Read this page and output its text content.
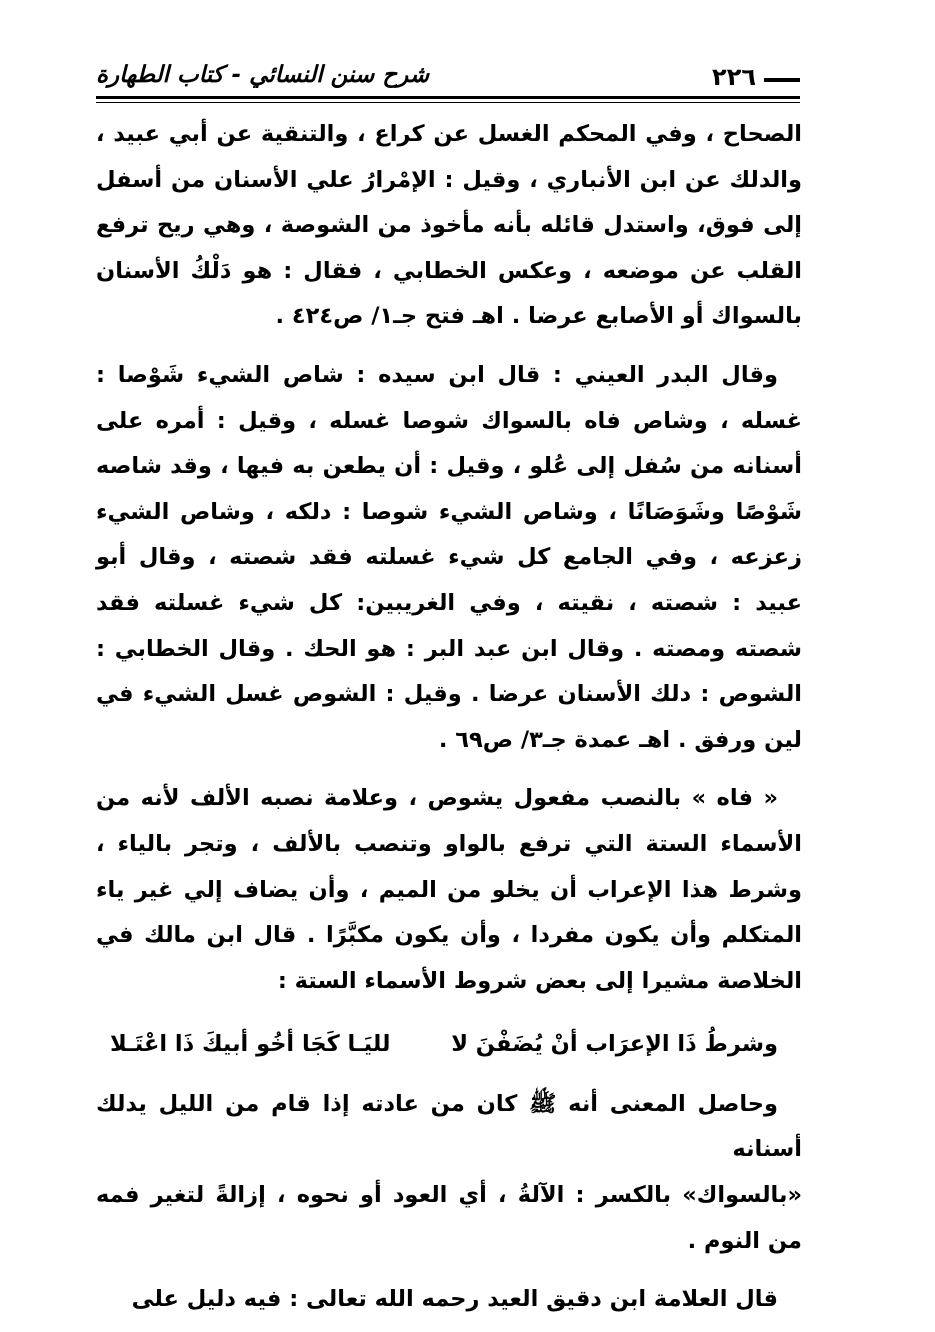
شرح سنن النسائي - كتاب الطهارة	٢٢٦

الصحاح ، وفي المحكم الغسل عن كراع ، والتنقية عن أبي عبيد ، والدلك عن ابن الأنباري ، وقيل : الإمْرارُ علي الأسنان من أسفل إلى فوق، واستدل قائله بأنه مأخوذ من الشوصة ، وهي ريح ترفع القلب عن موضعه ، وعكس الخطابي ، فقال : هو دَلْكُ الأسنان بالسواك أو الأصابع عرضا . اهـ فتح جـ١/ ص٤٢٤ .

وقال البدر العيني : قال ابن سيده : شاص الشيء شَوْصا : غسله ، وشاص فاه بالسواك شوصا غسله ، وقيل : أمره على أسنانه من سُفل إلى عُلو ، وقيل : أن يطعن به فيها ، وقد شاصه شَوْصًا وشَوَصَانًا ، وشاص الشيء شوصا : دلكه ، وشاص الشيء زعزعه ، وفي الجامع كل شيء غسلته فقد شصته ، وقال أبو عبيد : شصته ، نقيته ، وفي الغريبين: كل شيء غسلته فقد شصته ومصته . وقال ابن عبد البر : هو الحك . وقال الخطابي : الشوص : دلك الأسنان عرضا . وقيل : الشوص غسل الشيء في لين ورفق . اهـ عمدة جـ٣/ ص٦٩ .

« فاه » بالنصب مفعول يشوص ، وعلامة نصبه الألف لأنه من الأسماء الستة التي ترفع بالواو وتنصب بالألف ، وتجر بالياء ، وشرط هذا الإعراب أن يخلو من الميم ، وأن يضاف إلي غير ياء المتكلم وأن يكون مفردا ، وأن يكون مكبَّرًا . قال ابن مالك في الخلاصة مشيرا إلى بعض شروط الأسماء الستة :

وشرطُ ذَا الإعرَاب أنْ يُضَفْنَ لا
لليَـا كَجَا أخُو أبيكَ ذَا اعْتَـلا

وحاصل المعنى أنه ﷺ كان من عادته إذا قام من الليل يدلك أسنانه

«بالسواك» بالكسر : الآلةُ ، أي العود أو نحوه ، إزالةً لتغير فمه من النوم .

قال العلامة ابن دقيق العيد رحمه الله تعالى : فيه دليل على
